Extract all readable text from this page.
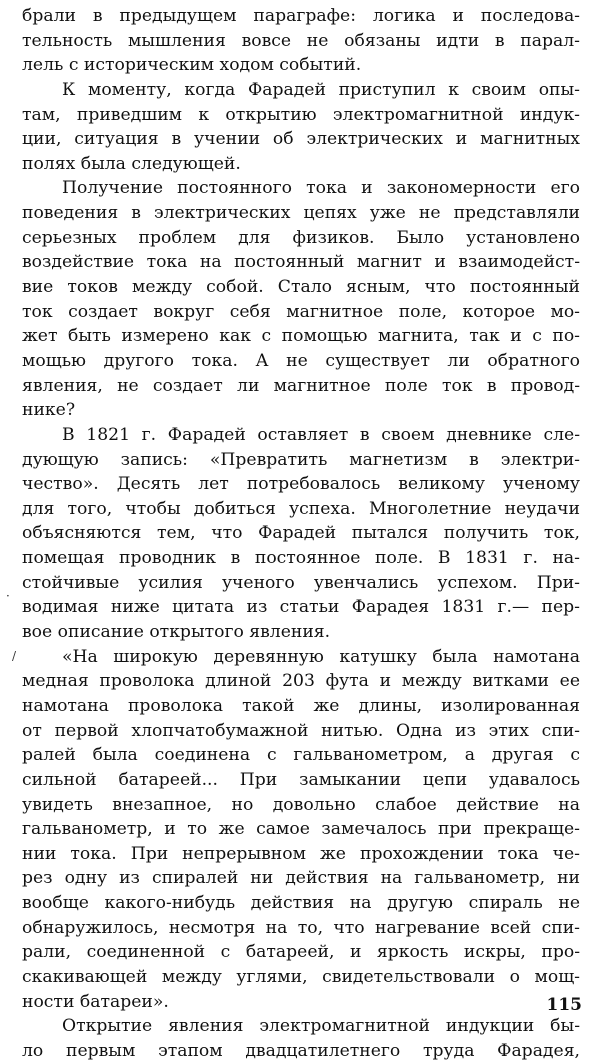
брали в предыдущем параграфе: логика и последова-
тельность мышления вовсе не обязаны идти в парал-
лель с историческим ходом событий.
К моменту, когда Фарадей приступил к своим опы-
там, приведшим к открытию электромагнитной индук-
ции, ситуация в учении об электрических и магнитных
полях была следующей.
Получение постоянного тока и закономерности его
поведения в электрических цепях уже не представляли
серьезных проблем для физиков. Было установлено
воздействие тока на постоянный магнит и взаимодейст-
вие токов между собой. Стало ясным, что постоянный
ток создает вокруг себя магнитное поле, которое мо-
жет быть измерено как с помощью магнита, так и с по-
мощью другого тока. А не существует ли обратного
явления, не создает ли магнитное поле ток в провод-
нике?
В 1821 г. Фарадей оставляет в своем дневнике сле-
дующую запись: «Превратить магнетизм в электри-
чество». Десять лет потребовалось великому ученому
для того, чтобы добиться успеха. Многолетние неудачи
объясняются тем, что Фарадей пытался получить ток,
помещая проводник в постоянное поле. В 1831 г. на-
стойчивые усилия ученого увенчались успехом. При-
водимая ниже цитата из статьи Фарадея 1831 г.— пер-
вое описание открытого явления.
«На широкую деревянную катушку была намотана
медная проволока длиной 203 фута и между витками ее
намотана проволока такой же длины, изолированная
от первой хлопчатобумажной нитью. Одна из этих спи-
ралей была соединена с гальванометром, а другая с
сильной батареей... При замыкании цепи удавалось
увидеть внезапное, но довольно слабое действие на
гальванометр, и то же самое замечалось при прекраще-
нии тока. При непрерывном же прохождении тока че-
рез одну из спиралей ни действия на гальванометр, ни
вообще какого-нибудь действия на другую спираль не
обнаружилось, несмотря на то, что нагревание всей спи-
рали, соединенной с батареей, и яркость искры, про-
скакивающей между углями, свидетельствовали о мощ-
ности батареи».
Открытие явления электромагнитной индукции бы-
ло первым этапом двадцатилетнего труда Фарадея,
115
·
/
